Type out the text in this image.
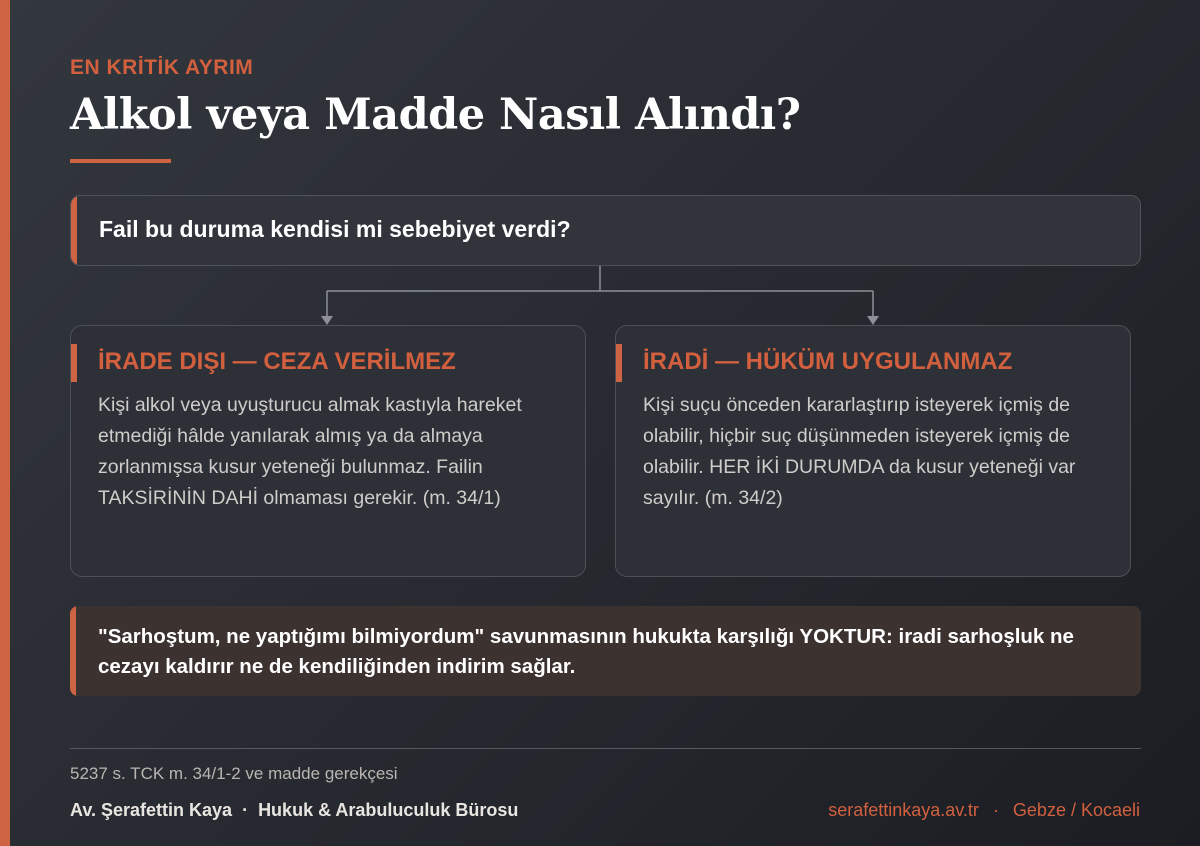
EN KRİTİK AYRIM
Alkol veya Madde Nasıl Alındı?
Fail bu duruma kendisi mi sebebiyet verdi?
İRADE DIŞI — CEZA VERİLMEZ
Kişi alkol veya uyuşturucu almak kastıyla hareket etmediği hâlde yanılarak almış ya da almaya zorlanmışsa kusur yeteneği bulunmaz. Failin TAKSİRİNİN DAHİ olmaması gerekir. (m. 34/1)
İRADİ — HÜKÜM UYGULANMAZ
Kişi suçu önceden kararlaştırıp isteyerek içmiş de olabilir, hiçbir suç düşünmeden isteyerek içmiş de olabilir. HER İKİ DURUMDA da kusur yeteneği var sayılır. (m. 34/2)
"Sarhoştum, ne yaptığımı bilmiyordum" savunmasının hukukta karşılığı YOKTUR: iradi sarhoşluk ne cezayı kaldırır ne de kendiliğinden indirim sağlar.
5237 s. TCK m. 34/1-2 ve madde gerekçesi
Av. Şerafettin Kaya · Hukuk & Arabuluculuk Bürosu	serafettinkaya.av.tr · Gebze / Kocaeli
